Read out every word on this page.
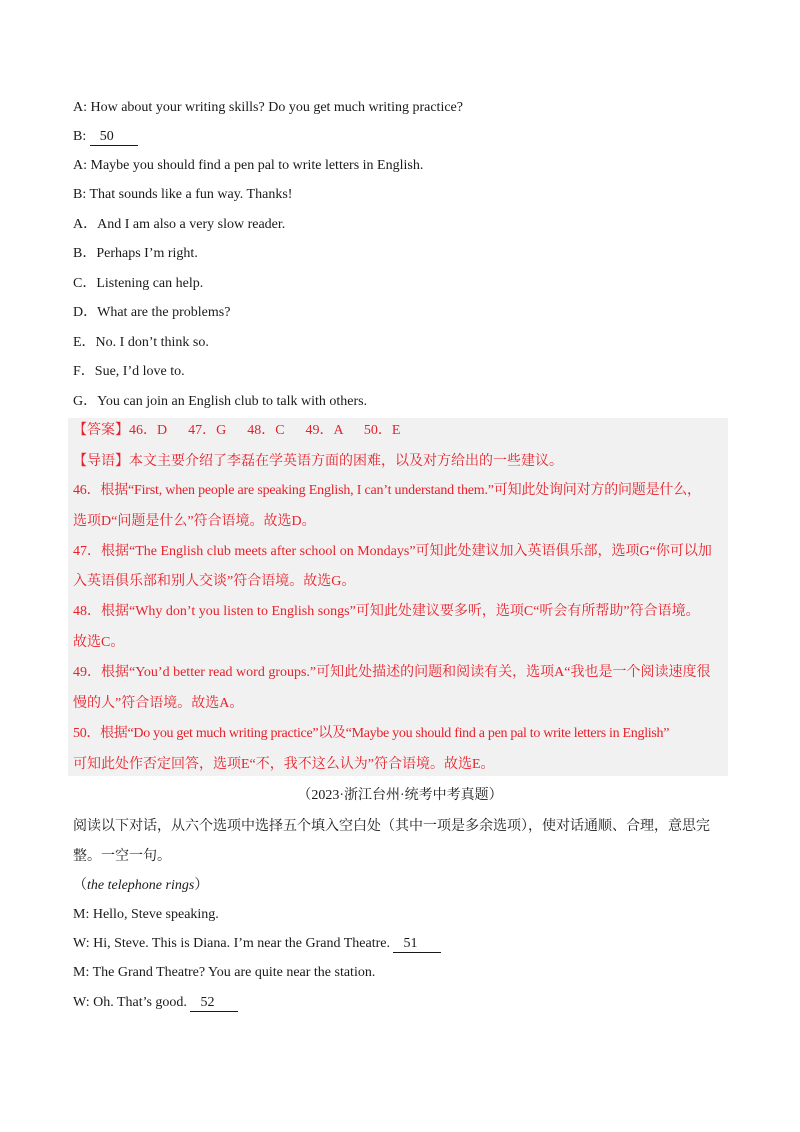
A: How about your writing skills? Do you get much writing practice?
B: 50
A: Maybe you should find a pen pal to write letters in English.
B: That sounds like a fun way. Thanks!
A．And I am also a very slow reader.
B．Perhaps I’m right.
C．Listening can help.
D．What are the problems?
E．No. I don’t think so.
F．Sue, I’d love to.
G．You can join an English club to talk with others.
【答案】46．D      47．G      48．C      49．A      50．E
【导语】本文主要介绍了李磊在学英语方面的困难，以及对方给出的一些建议。
46．根据“First, when people are speaking English, I can’t understand them.”可知此处询问对方的问题是什么，
选项D“问题是什么”符合语境。故选D。
47．根据“The English club meets after school on Mondays”可知此处建议加入英语俱乐部，选项G“你可以加
入英语俱乐部和别人交谈”符合语境。故选G。
48．根据“Why don’t you listen to English songs”可知此处建议要多听，选项C“听会有所帮助”符合语境。
故选C。
49．根据“You’d better read word groups.”可知此处描述的问题和阅读有关，选项A“我也是一个阅读速度很
慢的人”符合语境。故选A。
50．根据“Do you get much writing practice”以及“Maybe you should find a pen pal to write letters in English”
可知此处作否定回答，选项E“不，我不这么认为”符合语境。故选E。
（2023·浙江台州·统考中考真题）
阅读以下对话，从六个选项中选择五个填入空白处（其中一项是多余选项），使对话通顺、合理，意思完
整。一空一句。
（the telephone rings）
M: Hello, Steve speaking.
W: Hi, Steve. This is Diana. I’m near the Grand Theatre. 51
M: The Grand Theatre? You are quite near the station.
W: Oh. That’s good. 52
